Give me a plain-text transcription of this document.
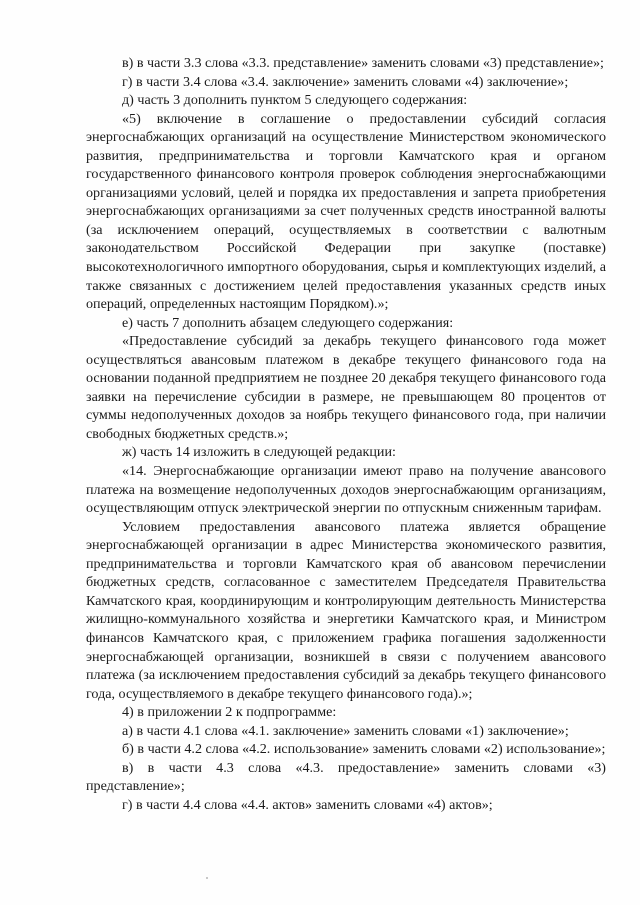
в) в части 3.3 слова «3.3. представление» заменить словами «3) представление»;

г) в части 3.4 слова «3.4. заключение» заменить словами «4) заключение»;

д) часть 3 дополнить пунктом 5 следующего содержания:

«5) включение в соглашение о предоставлении субсидий согласия энергоснабжающих организаций на осуществление Министерством экономического развития, предпринимательства и торговли Камчатского края и органом государственного финансового контроля проверок соблюдения энергоснабжающими организациями условий, целей и порядка их предоставления и запрета приобретения энергоснабжающих организациями за счет полученных средств иностранной валюты (за исключением операций, осуществляемых в соответствии с валютным законодательством Российской Федерации при закупке (поставке) высокотехнологичного импортного оборудования, сырья и комплектующих изделий, а также связанных с достижением целей предоставления указанных средств иных операций, определенных настоящим Порядком).»;

е) часть 7 дополнить абзацем следующего содержания:

«Предоставление субсидий за декабрь текущего финансового года может осуществляться авансовым платежом в декабре текущего финансового года на основании поданной предприятием не позднее 20 декабря текущего финансового года заявки на перечисление субсидии в размере, не превышающем 80 процентов от суммы недополученных доходов за ноябрь текущего финансового года, при наличии свободных бюджетных средств.»;

ж) часть 14 изложить в следующей редакции:

«14. Энергоснабжающие организации имеют право на получение авансового платежа на возмещение недополученных доходов энергоснабжающим организациям, осуществляющим отпуск электрической энергии по отпускным сниженным тарифам.

Условием предоставления авансового платежа является обращение энергоснабжающей организации в адрес Министерства экономического развития, предпринимательства и торговли Камчатского края об авансовом перечислении бюджетных средств, согласованное с заместителем Председателя Правительства Камчатского края, координирующим и контролирующим деятельность Министерства жилищно-коммунального хозяйства и энергетики Камчатского края, и Министром финансов Камчатского края, с приложением графика погашения задолженности энергоснабжающей организации, возникшей в связи с получением авансового платежа (за исключением предоставления субсидий за декабрь текущего финансового года, осуществляемого в декабре текущего финансового года).»;

4) в приложении 2 к подпрограмме:

а) в части 4.1 слова «4.1. заключение» заменить словами «1) заключение»;

б) в части 4.2 слова «4.2. использование» заменить словами «2) использование»;

в) в части 4.3 слова «4.3. предоставление» заменить словами «3) представление»;

г) в части 4.4 слова «4.4. актов» заменить словами «4) актов»;
